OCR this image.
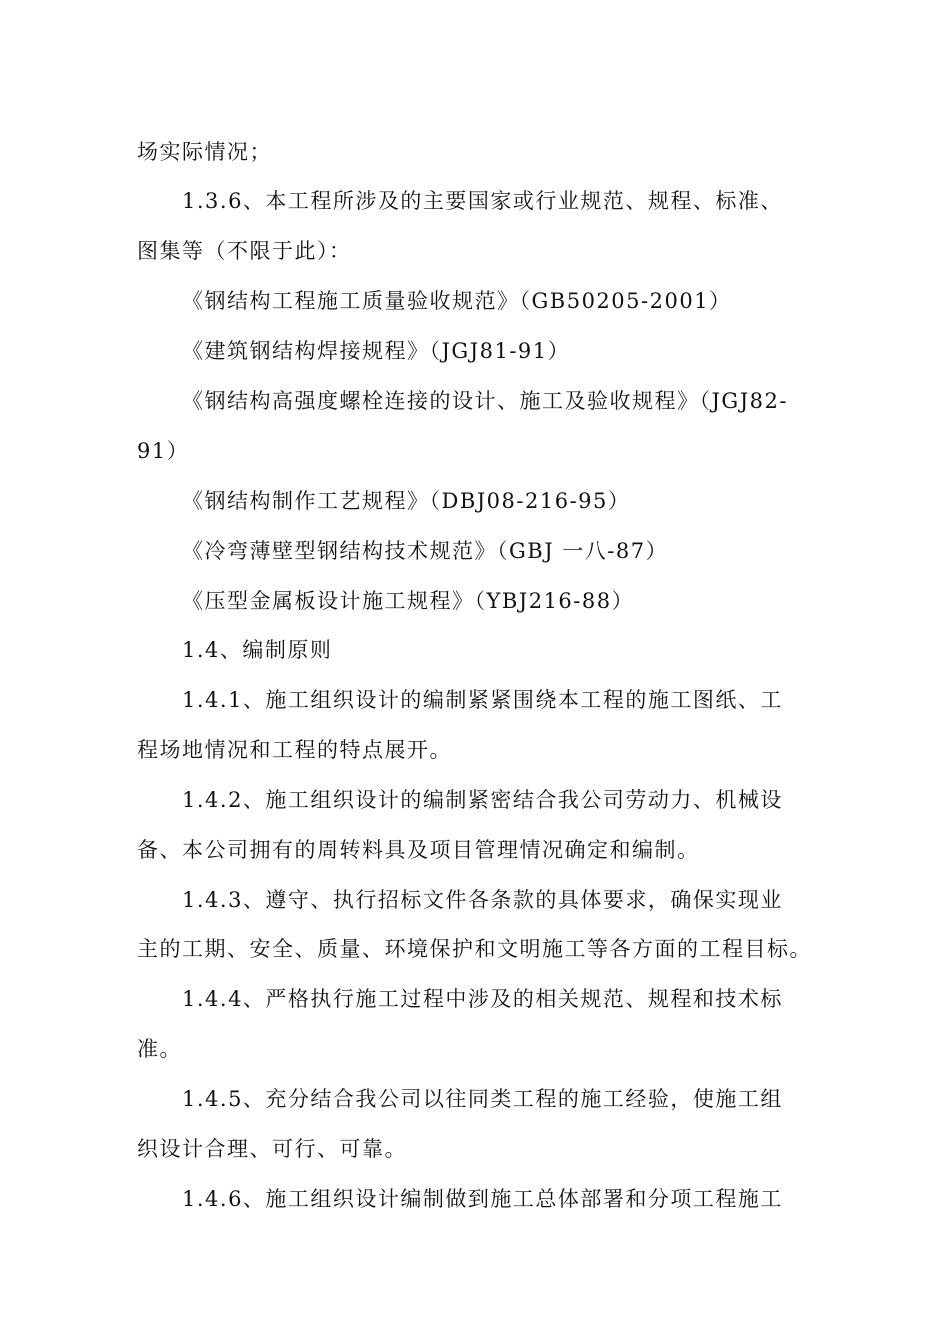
场实际情况；
1.3.6、本工程所涉及的主要国家或行业规范、规程、标准、
图集等（不限于此）：
《钢结构工程施工质量验收规范》（GB50205-2001）
《建筑钢结构焊接规程》（JGJ81-91）
《钢结构高强度螺栓连接的设计、施工及验收规程》（JGJ82-
91）
《钢结构制作工艺规程》（DBJ08-216-95）
《冷弯薄壁型钢结构技术规范》（GBJ 一八-87）
《压型金属板设计施工规程》（YBJ216-88）
1.4、编制原则
1.4.1、施工组织设计的编制紧紧围绕本工程的施工图纸、工
程场地情况和工程的特点展开。
1.4.2、施工组织设计的编制紧密结合我公司劳动力、机械设
备、本公司拥有的周转料具及项目管理情况确定和编制。
1.4.3、遵守、执行招标文件各条款的具体要求，确保实现业
主的工期、安全、质量、环境保护和文明施工等各方面的工程目标。
1.4.4、严格执行施工过程中涉及的相关规范、规程和技术标
准。
1.4.5、充分结合我公司以往同类工程的施工经验，使施工组
织设计合理、可行、可靠。
1.4.6、施工组织设计编制做到施工总体部署和分项工程施工
